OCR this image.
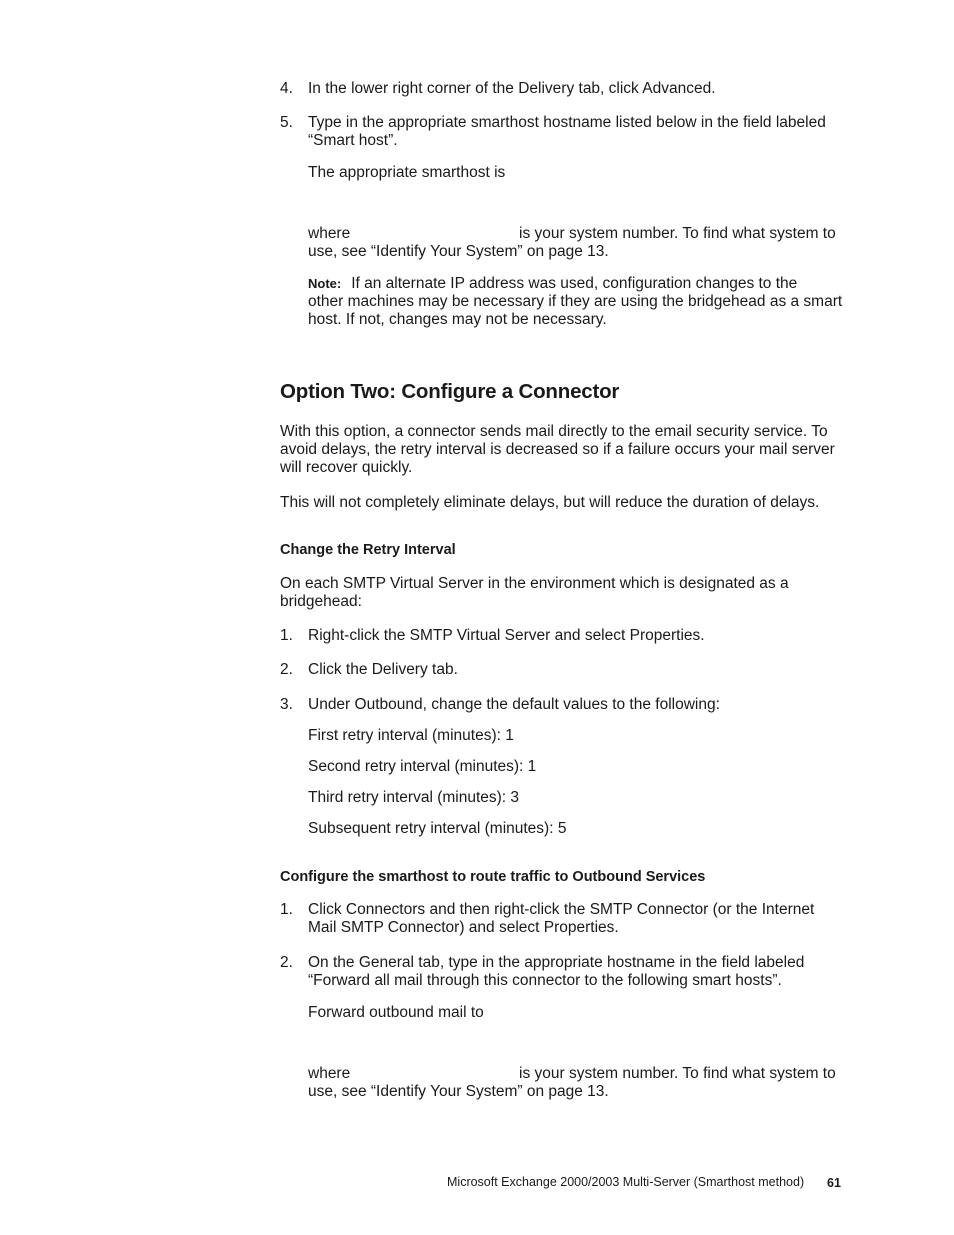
4. In the lower right corner of the Delivery tab, click Advanced.
5. Type in the appropriate smarthost hostname listed below in the field labeled
“Smart host”.
The appropriate smarthost is
where	is your system number. To find what system to
use, see “Identify Your System” on page 13.
Note: If an alternate IP address was used, configuration changes to the
other machines may be necessary if they are using the bridgehead as a smart
host. If not, changes may not be necessary.
Option Two: Configure a Connector
With this option, a connector sends mail directly to the email security service. To
avoid delays, the retry interval is decreased so if a failure occurs your mail server
will recover quickly.
This will not completely eliminate delays, but will reduce the duration of delays.
Change the Retry Interval
On each SMTP Virtual Server in the environment which is designated as a
bridgehead:
1. Right-click the SMTP Virtual Server and select Properties.
2. Click the Delivery tab.
3. Under Outbound, change the default values to the following:
First retry interval (minutes): 1
Second retry interval (minutes): 1
Third retry interval (minutes): 3
Subsequent retry interval (minutes): 5
Configure the smarthost to route traffic to Outbound Services
1. Click Connectors and then right-click the SMTP Connector (or the Internet
Mail SMTP Connector) and select Properties.
2. On the General tab, type in the appropriate hostname in the field labeled
“Forward all mail through this connector to the following smart hosts”.
Forward outbound mail to
where	is your system number. To find what system to
use, see “Identify Your System” on page 13.
Microsoft Exchange 2000/2003 Multi-Server (Smarthost method) 61
